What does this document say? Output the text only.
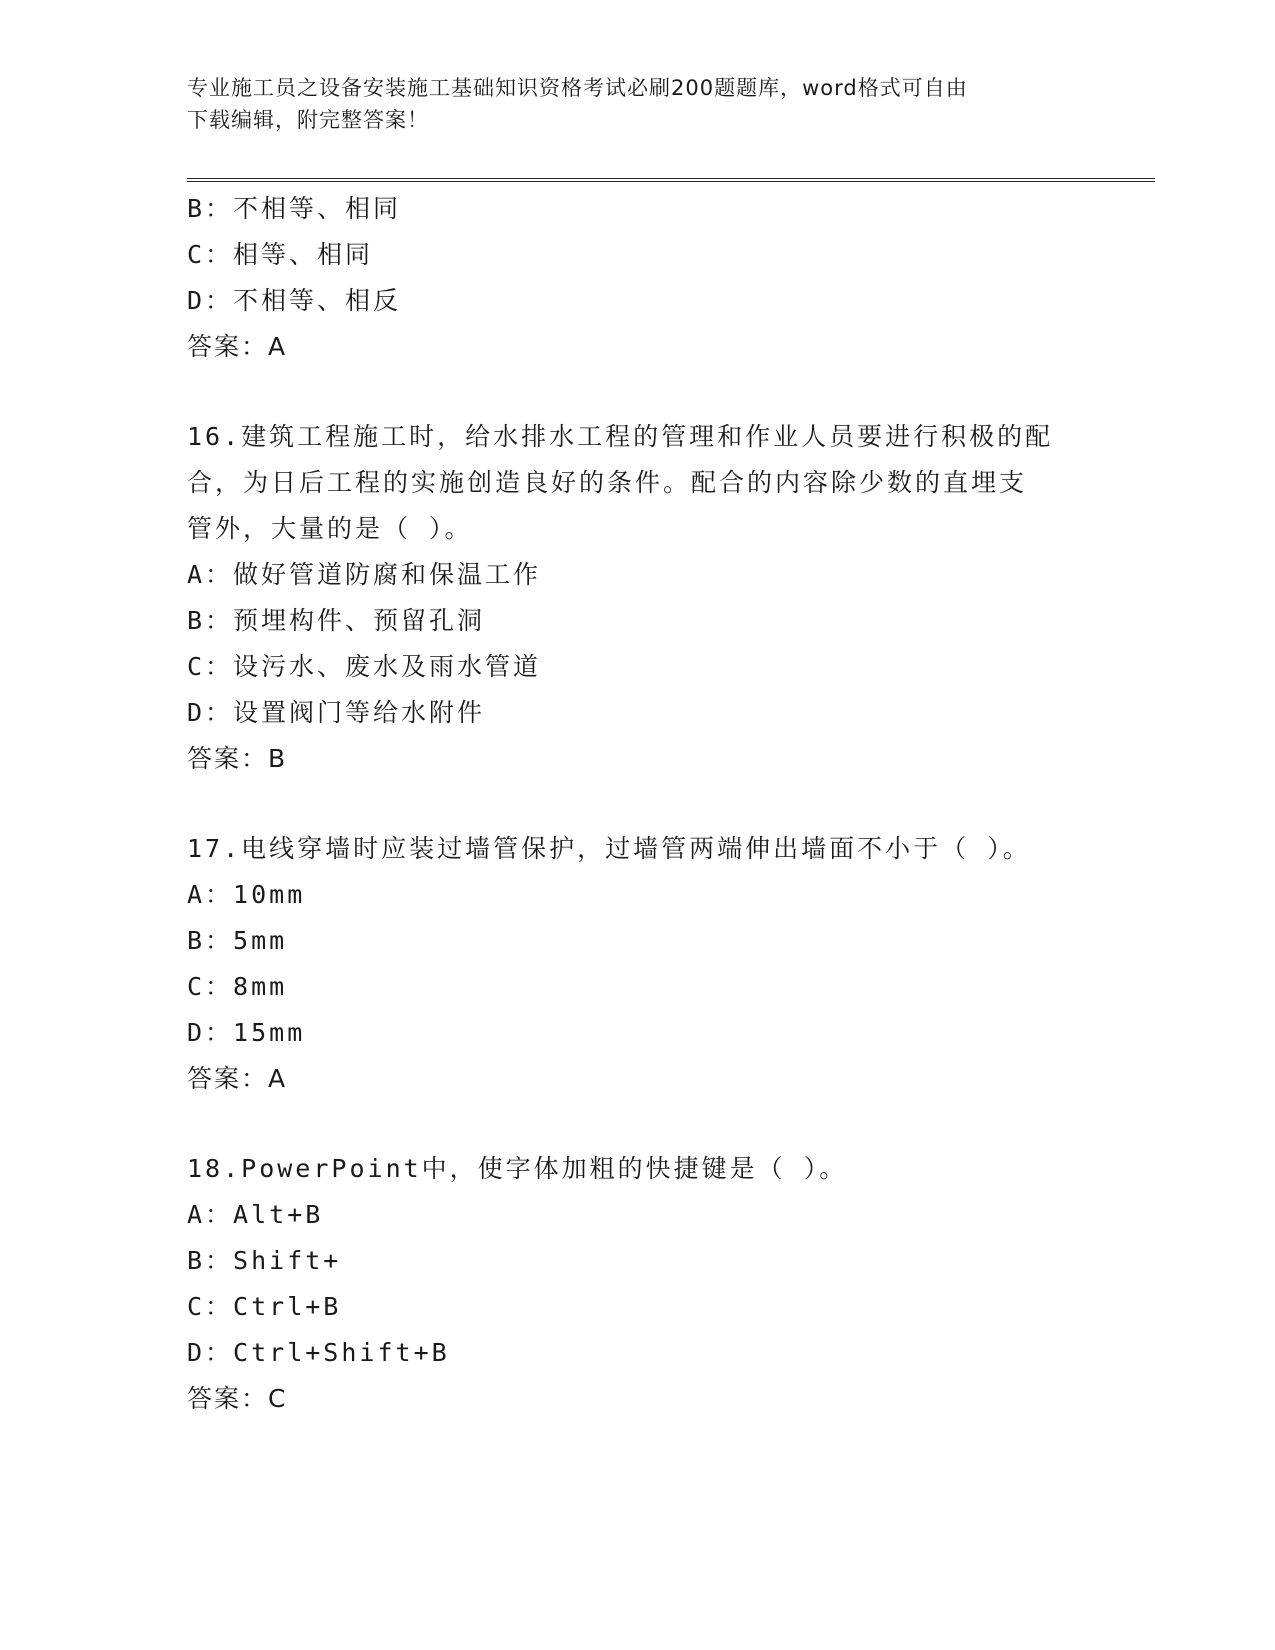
专业施工员之设备安装施工基础知识资格考试必刷200题题库，word格式可自由
下载编辑，附完整答案！
B：不相等、相同
C：相等、相同
D：不相等、相反
答案：A
16.建筑工程施工时，给水排水工程的管理和作业人员要进行积极的配
合，为日后工程的实施创造良好的条件。配合的内容除少数的直埋支
管外，大量的是（ ）。
A：做好管道防腐和保温工作
B：预埋构件、预留孔洞
C：设污水、废水及雨水管道
D：设置阀门等给水附件
答案：B
17.电线穿墙时应装过墙管保护，过墙管两端伸出墙面不小于（ ）。
A：10mm
B：5mm
C：8mm
D：15mm
答案：A
18.PowerPoint中，使字体加粗的快捷键是（ ）。
A：Alt+B
B：Shift+
C：Ctrl+B
D：Ctrl+Shift+B
答案：C
